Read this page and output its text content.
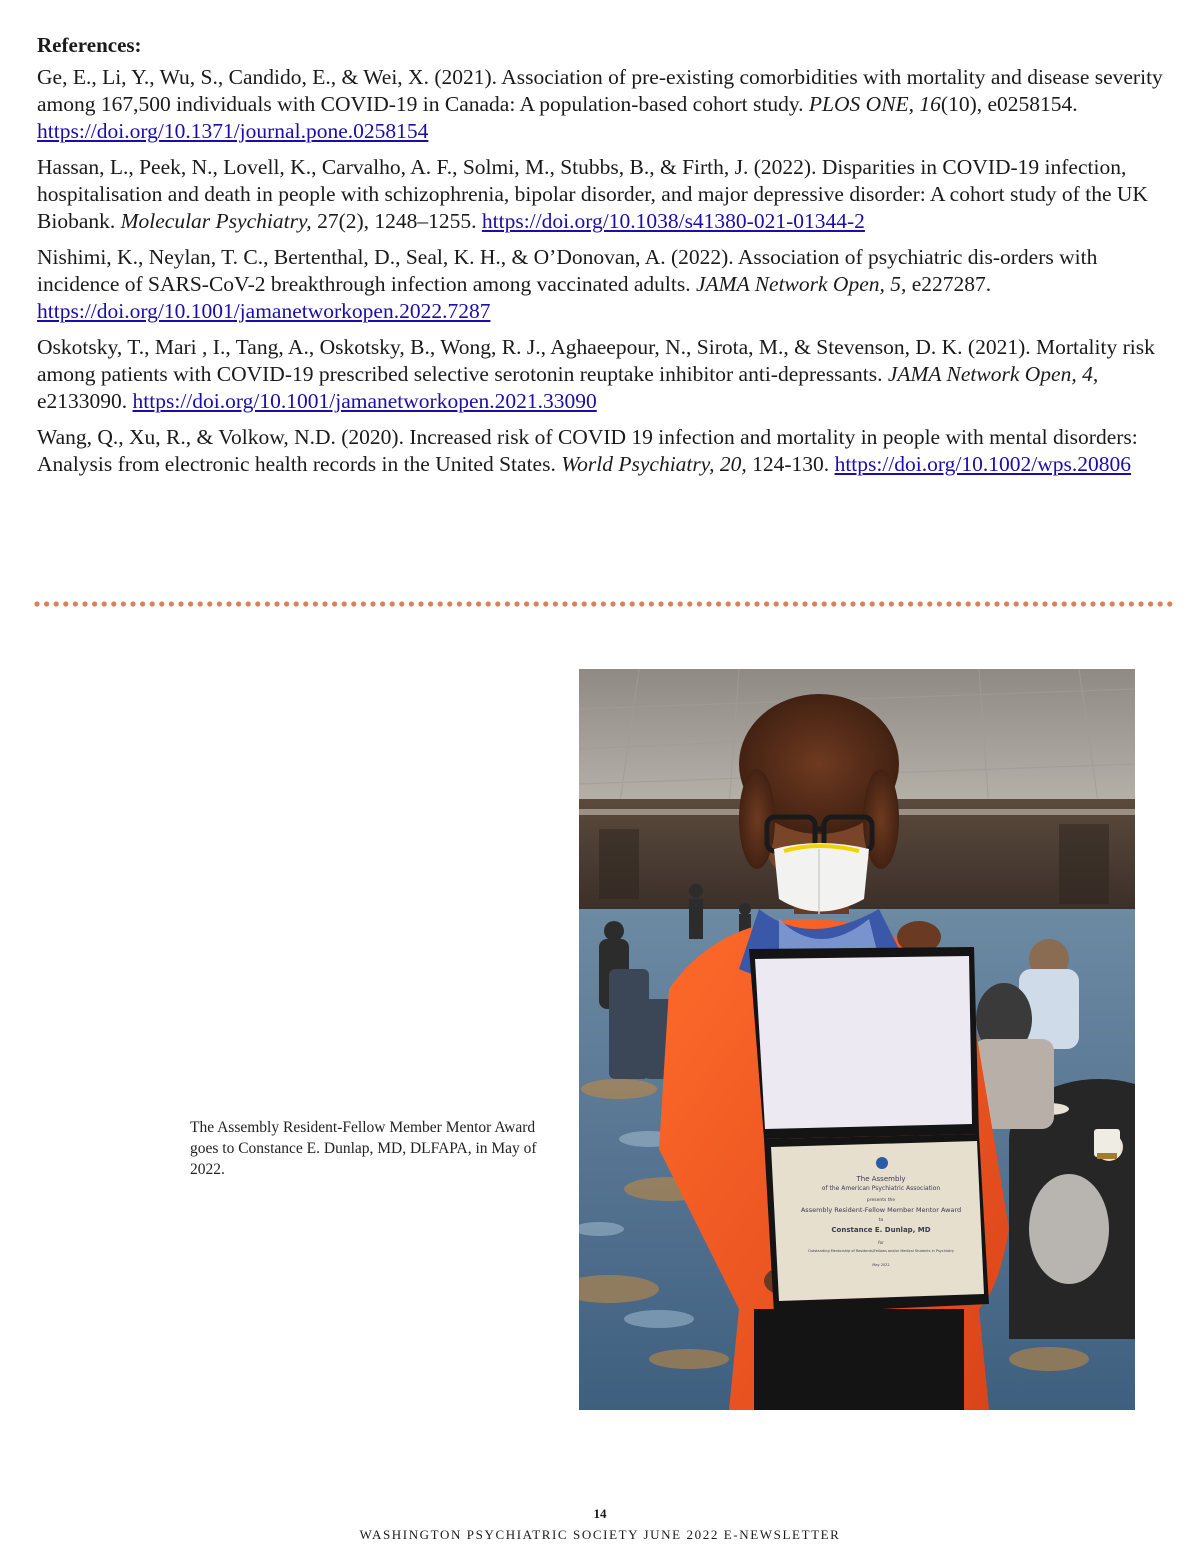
References:
Ge, E., Li, Y., Wu, S., Candido, E., & Wei, X. (2021). Association of pre-existing comorbidities with mortality and disease severity among 167,500 individuals with COVID-19 in Canada: A population-based cohort study. PLOS ONE, 16(10), e0258154. https://doi.org/10.1371/journal.pone.0258154
Hassan, L., Peek, N., Lovell, K., Carvalho, A. F., Solmi, M., Stubbs, B., & Firth, J. (2022). Disparities in COVID-19 infection, hospitalisation and death in people with schizophrenia, bipolar disorder, and major depressive disorder: A cohort study of the UK Biobank. Molecular Psychiatry, 27(2), 1248–1255. https://doi.org/10.1038/s41380-021-01344-2
Nishimi, K., Neylan, T. C., Bertenthal, D., Seal, K. H., & O’Donovan, A. (2022). Association of psychiatric dis-orders with incidence of SARS-CoV-2 breakthrough infection among vaccinated adults. JAMA Network Open, 5, e227287. https://doi.org/10.1001/jamanetworkopen.2022.7287
Oskotsky, T., Mari , I., Tang, A., Oskotsky, B., Wong, R. J., Aghaeepour, N., Sirota, M., & Stevenson, D. K. (2021). Mortality risk among patients with COVID-19 prescribed selective serotonin reuptake inhibitor anti-depressants. JAMA Network Open, 4, e2133090. https://doi.org/10.1001/jamanetworkopen.2021.33090
Wang, Q., Xu, R., & Volkow, N.D. (2020). Increased risk of COVID 19 infection and mortality in people with mental disorders: Analysis from electronic health records in the United States. World Psychiatry, 20, 124-130. https://doi.org/10.1002/wps.20806
The Assembly
of the American Psychiatric Association
presents the
Assembly Resident-Fellow Member Mentor Award
to
Constance E. Dunlap, MD
for
Outstanding Mentorship of Residents/Fellows and/or Medical Students in Psychiatry
May 2022
The Assembly Resident-Fellow Member Mentor Award goes to Constance E. Dunlap, MD, DLFAPA, in May of 2022.
14
WASHINGTON PSYCHIATRIC SOCIETY JUNE 2022 E-NEWSLETTER
